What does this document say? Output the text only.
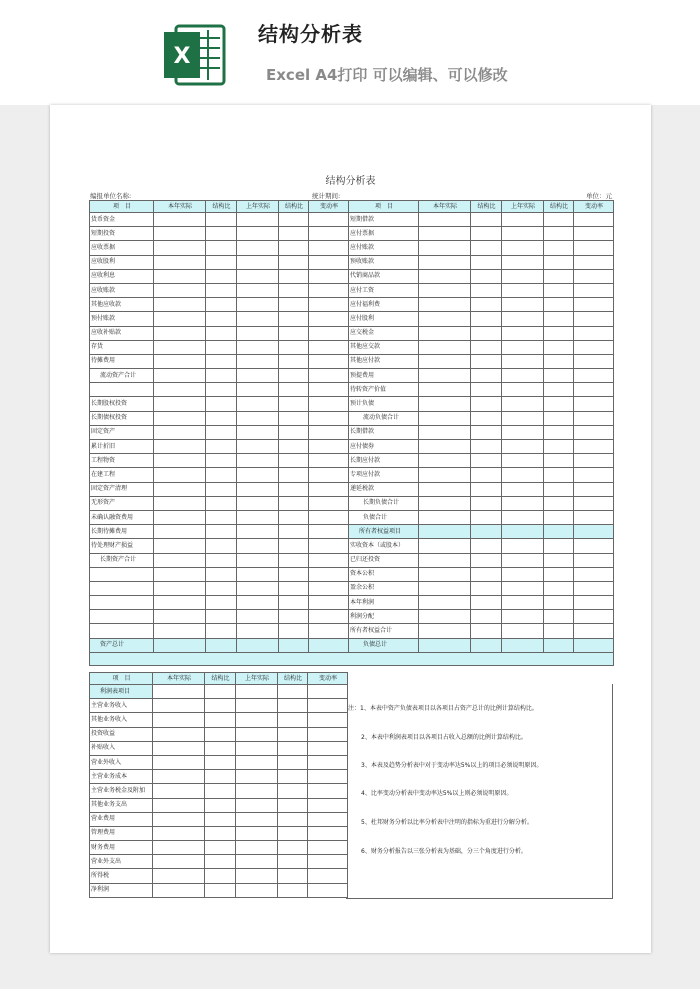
X
结构分析表
Excel A4打印 可以编辑、可以修改
结构分析表
编报单位名称:	统计期间:	单位：元
项　目	本年实际	结构比	上年实际	结构比	变动率	项　目	本年实际	结构比	上年实际	结构比	变动率
货币资金						短期借款					
短期投资						应付票据					
应收票据						应付账款					
应收股利						预收账款					
应收利息						代销商品款					
应收账款						应付工资					
其他应收款						应付福利费					
预付账款						应付股利					
应收补贴款						应交税金					
存货						其他应交款					
待摊费用						其他应付款					
流动资产合计						预提费用					
						待转资产价值					
长期股权投资						预计负债					
长期债权投资						流动负债合计					
固定资产						长期借款					
累计折旧						应付债券					
工程物资						长期应付款					
在建工程						专项应付款					
固定资产清理						递延税款					
无形资产						长期负债合计					
未确认融资费用						负债合计					
长期待摊费用						所有者权益项目					
待处理财产损益						实收资本（或股本）					
长期资产合计						已归还投资					
						资本公积					
						盈余公积					
						本年利润					
						利润分配					
						所有者权益合计					
资产总计						负债总计					

项　目	本年实际	结构比	上年实际	结构比	变动率
利润表项目					
主营业务收入					
其他业务收入					
投资收益					
补贴收入					
营业外收入					
主营业务成本					
主营业务税金及附加					
其他业务支出					
营业费用					
管理费用					
财务费用					
营业外支出					
所得税					
净利润					
注：1、本表中资产负债表项目以各项目占资产总计的比例计算结构比。
2、本表中利润表项目以各项目占收入总额的比例计算结构比。
3、本表及趋势分析表中对于变动率达5%以上的项目必须说明原因。
4、比率变动分析表中变动率达5%以上则必须说明原因。
5、杜邦财务分析以比率分析表中注明的指标为重进行分解分析。
6、财务分析报告以三张分析表为基础，分三个角度进行分析。
